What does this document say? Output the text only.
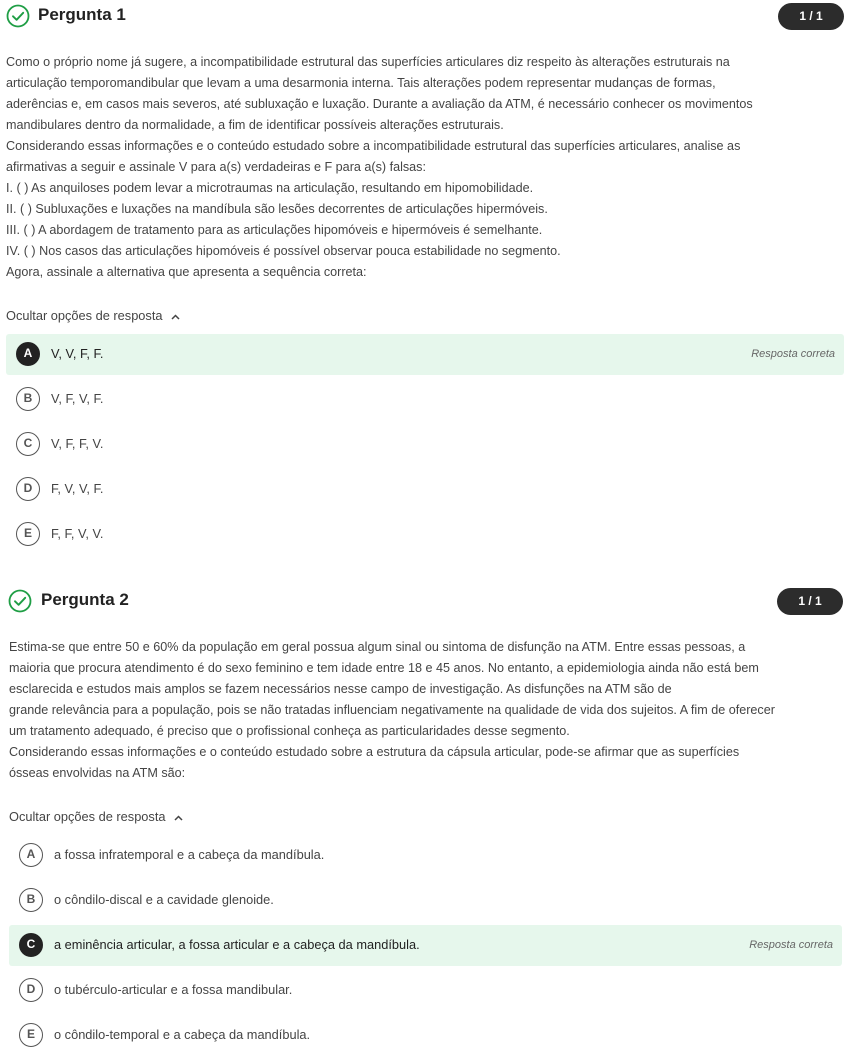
Pergunta 1	1 / 1

Como o próprio nome já sugere, a incompatibilidade estrutural das superfícies articulares diz respeito às alterações estruturais na

articulação temporomandibular que levam a uma desarmonia interna. Tais alterações podem representar mudanças de formas,

aderências e, em casos mais severos, até subluxação e luxação. Durante a avaliação da ATM, é necessário conhecer os movimentos

mandibulares dentro da normalidade, a fim de identificar possíveis alterações estruturais.

Considerando essas informações e o conteúdo estudado sobre a incompatibilidade estrutural das superfícies articulares, analise as

afirmativas a seguir e assinale V para a(s) verdadeiras e F para a(s) falsas:

I. ( ) As anquiloses podem levar a microtraumas na articulação, resultando em hipomobilidade.

II. ( ) Subluxações e luxações na mandíbula são lesões decorrentes de articulações hipermóveis.

III. ( ) A abordagem de tratamento para as articulações hipomóveis e hipermóveis é semelhante.

IV. ( ) Nos casos das articulações hipomóveis é possível observar pouca estabilidade no segmento.

Agora, assinale a alternativa que apresenta a sequência correta:

Ocultar opções de resposta
A	V, V, F, F.	Resposta correta
B	V, F, V, F.
C	V, F, F, V.
D	F, V, V, F.
E	F, F, V, V.
Pergunta 2	1 / 1

Estima-se que entre 50 e 60% da população em geral possua algum sinal ou sintoma de disfunção na ATM. Entre essas pessoas, a

maioria que procura atendimento é do sexo feminino e tem idade entre 18 e 45 anos. No entanto, a epidemiologia ainda não está bem

esclarecida e estudos mais amplos se fazem necessários nesse campo de investigação. As disfunções na ATM são de

grande relevância para a população, pois se não tratadas influenciam negativamente na qualidade de vida dos sujeitos. A fim de oferecer

um tratamento adequado, é preciso que o profissional conheça as particularidades desse segmento.

Considerando essas informações e o conteúdo estudado sobre a estrutura da cápsula articular, pode-se afirmar que as superfícies

ósseas envolvidas na ATM são:

Ocultar opções de resposta
A	a fossa infratemporal e a cabeça da mandíbula.
B	o côndilo-discal e a cavidade glenoide.
C	a eminência articular, a fossa articular e a cabeça da mandíbula.	Resposta correta
D	o tubérculo-articular e a fossa mandibular.
E	o côndilo-temporal e a cabeça da mandíbula.
